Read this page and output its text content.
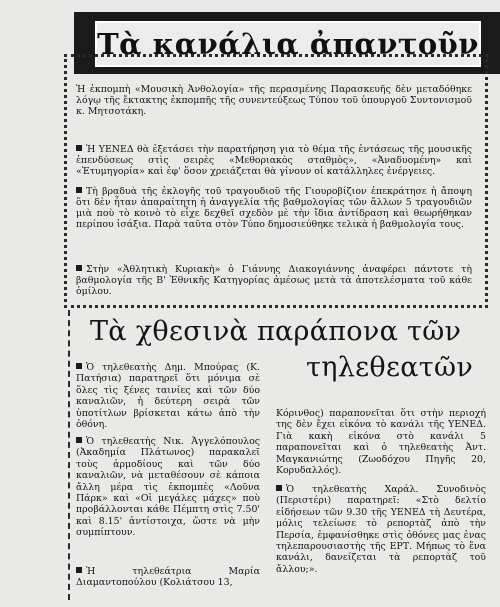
Τὰ κανάλια ἀπαντοῦν

Ἡ ἐκπομπὴ «Μουσικὴ Ἀνθολογία» τῆς περασμένης Παρασκευῆς δὲν μεταδόθηκε λόγῳ τῆς ἔκτακτης ἐκπομπῆς τῆς συνεντεύξεως Τύπου τοῦ ὑπουργοῦ Συντονισμοῦ κ. Μητσοτάκη.

Ἡ ΥΕΝΕΔ θὰ ἐξετάσει τὴν παρατήρηση για τὸ θέμα τῆς ἐντάσεως τῆς μουσικῆς ἐπενδύσεως στὶς σειρὲς «Μεθοριακὸς σταθμὸς», «Ἀναδυομένη» καὶ «Ἐτυμηγορία» καὶ ἐφ' ὅσον χρειάζεται θὰ γίνουν οἱ κατάλληλες ἐνέργειες.

Τὴ βραδυὰ τῆς ἐκλογῆς τοῦ τραγουδιοῦ τῆς Γιουροβίζιον ἐπεκράτησε ἡ ἄποψη ὅτι δὲν ἦταν ἀπαραίτητη ἡ ἀναγγελία τῆς βαθμολογίας τῶν ἄλλων 5 τραγουδιῶν μιὰ ποὺ τὸ κοινὸ τὸ εἶχε δεχθεῖ σχεδὸν μὲ τὴν ἴδια ἀντίδραση καὶ θεωρήθηκαν περίπου ἰσάξια. Παρὰ ταῦτα στὸν Τύπο δημοσιεύθηκε τελικὰ ἡ βαθμολογία τους.

Στὴν «Ἀθλητικὴ Κυριακὴ» ὁ Γιάννης Διακογιάννης ἀναφέρει πάντοτε τὴ βαθμολογία τῆς Β' Ἐθνικῆς Κατηγορίας ἀμέσως μετὰ τὰ ἀποτελέσματα τοῦ κάθε ὁμίλου.

Τὰ χθεσινὰ παράπονα τῶν
τηλεθεατῶν

Ὁ τηλεθεατὴς Δημ. Μπούρας (Κ. Πατήσια) παρατηρεῖ ὅτι μόνιμα σὲ ὅλες τὶς ξένες ταινίες καὶ τῶν δύο καναλιῶν, ἡ δεύτερη σειρὰ τῶν ὑποτίτλων βρίσκεται κάτω ἀπὸ τὴν ὀθόνη.

Ὁ τηλεθεατὴς Νικ. Ἀγγελόπουλος (Ἀκαδημία Πλάτωνος) παρακαλεῖ τοὺς ἁρμοδίους καὶ τῶν δύο καναλιῶν, νὰ μεταθέσουν σὲ κάποια ἄλλη μέρα τὶς ἐκπομπὲς «Λοῦνα Πάρκ» καὶ «Οἱ μεγάλες μάχες» ποὺ προβάλλονται κάθε Πέμπτη στὶς 7.50' καὶ 8.15' ἀντίστοιχα, ὥστε νὰ μὴν συμπίπτουν.

Ἡ τηλεθεάτρια Μαρία Διαμαντοπούλου (Κολιάτσου 13,

Κόρινθος) παραπονεῖται ὅτι στὴν περιοχή της δὲν ἔχει εἰκόνα τὸ κανάλι τῆς ΥΕΝΕΔ. Γιὰ κακὴ εἰκόνα στὸ κανάλι 5 παραπονεῖται καὶ ὁ τηλεθεατὴς Ἀντ. Μαγκανιώτης (Ζωοδόχου Πηγῆς 20, Κορυδαλλός).

Ὁ τηλεθεατὴς Χαράλ. Συνοδινὸς (Περιστέρι) παρατηρεῖ: «Στὸ δελτίο εἰδήσεων τῶν 9.30 τῆς ΥΕΝΕΔ τὴ Δευτέρα, μόλις τελείωσε τὸ ρεπορτὰζ ἀπὸ τὴν Περσία, ἐμφανίσθηκε στὶς ὀθόνες μας ἐνας τηλεπαρουσιαστὴς τῆς ΕΡΤ. Μήπως τὸ ἕνα κανάλι, δανείζεται τὰ ρεπορτὰζ τοῦ ἄλλου;».
